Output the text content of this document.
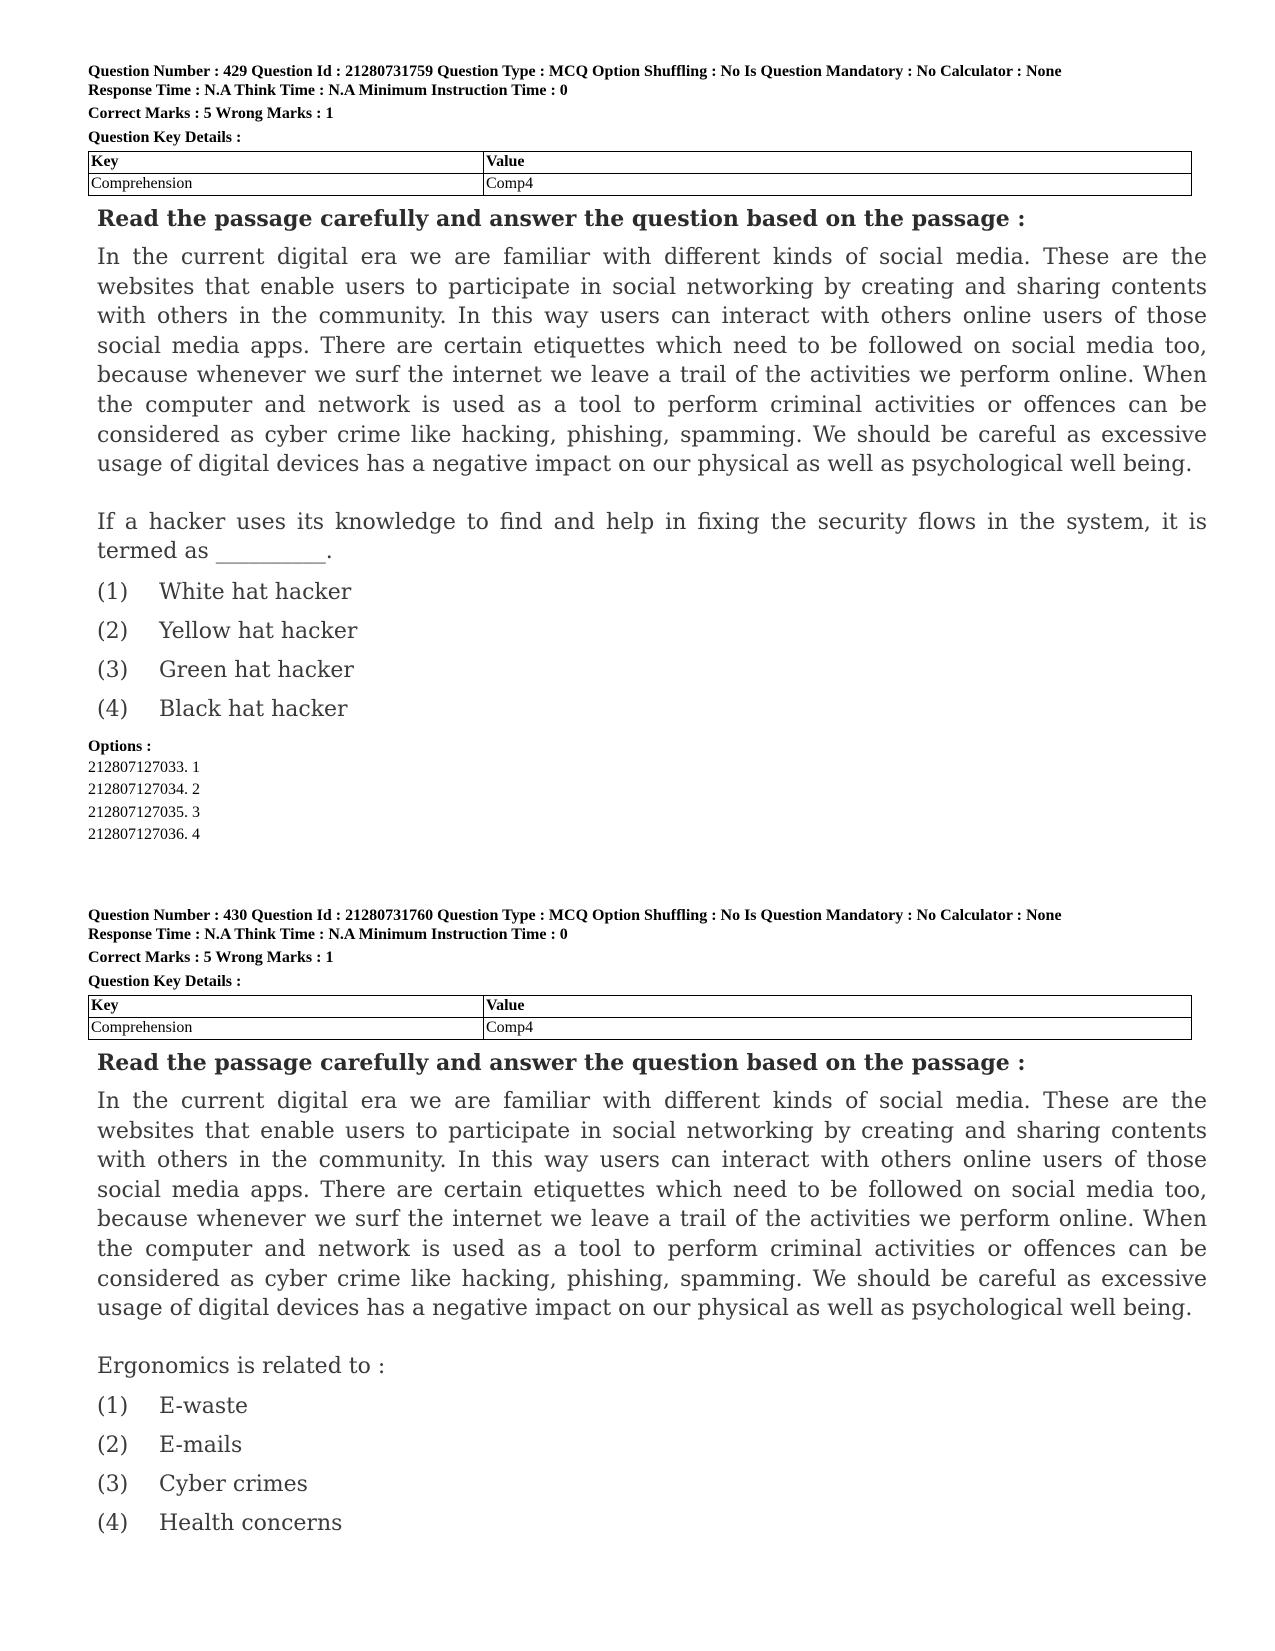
Question Number : 429 Question Id : 21280731759 Question Type : MCQ Option Shuffling : No Is Question Mandatory : No Calculator : None

Response Time : N.A Think Time : N.A Minimum Instruction Time : 0

Correct Marks : 5 Wrong Marks : 1

Question Key Details :

Key	Value
Comprehension	Comp4
Read the passage carefully and answer the question based on the passage :
In the current digital era we are familiar with different kinds of social media. These are the websites that enable users to participate in social networking by creating and sharing contents with others in the community. In this way users can interact with others online users of those social media apps. There are certain etiquettes which need to be followed on social media too, because whenever we surf the internet we leave a trail of the activities we perform online. When the computer and network is used as a tool to perform criminal activities or offences can be considered as cyber crime like hacking, phishing, spamming. We should be careful as excessive usage of digital devices has a negative impact on our physical as well as psychological well being.
If a hacker uses its knowledge to find and help in fixing the security flows in the system, it is termed as __________.
(1)	White hat hacker
(2)	Yellow hat hacker
(3)	Green hat hacker
(4)	Black hat hacker
Options :
212807127033. 1
212807127034. 2
212807127035. 3
212807127036. 4

Question Number : 430 Question Id : 21280731760 Question Type : MCQ Option Shuffling : No Is Question Mandatory : No Calculator : None

Response Time : N.A Think Time : N.A Minimum Instruction Time : 0

Correct Marks : 5 Wrong Marks : 1

Question Key Details :

Key	Value
Comprehension	Comp4
Read the passage carefully and answer the question based on the passage :
In the current digital era we are familiar with different kinds of social media. These are the websites that enable users to participate in social networking by creating and sharing contents with others in the community. In this way users can interact with others online users of those social media apps. There are certain etiquettes which need to be followed on social media too, because whenever we surf the internet we leave a trail of the activities we perform online. When the computer and network is used as a tool to perform criminal activities or offences can be considered as cyber crime like hacking, phishing, spamming. We should be careful as excessive usage of digital devices has a negative impact on our physical as well as psychological well being.
Ergonomics is related to :
(1)	E-waste
(2)	E-mails
(3)	Cyber crimes
(4)	Health concerns
